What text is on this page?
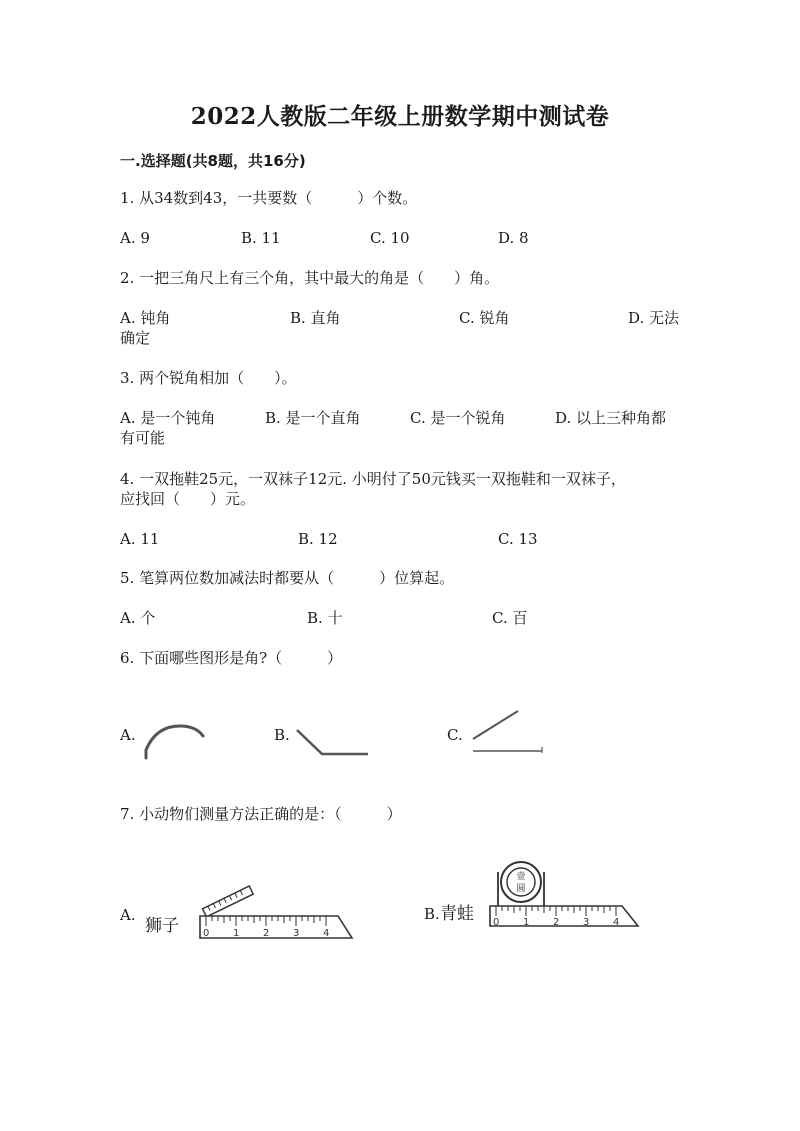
2022人教版二年级上册数学期中测试卷
一.选择题(共8题，共16分)
1. 从34数到43，一共要数（　　　）个数。
A. 9	B. 11	C. 10	D. 8
2. 一把三角尺上有三个角，其中最大的角是（　　）角。
A. 钝角	B. 直角	C. 锐角	D. 无法
确定
3. 两个锐角相加（　　）。
A. 是一个钝角	B. 是一个直角	C. 是一个锐角	D. 以上三种角都
有可能
4. 一双拖鞋25元，一双袜子12元. 小明付了50元钱买一双拖鞋和一双袜子，
应找回（　　）元。
A. 11	B. 12	C. 13
5. 笔算两位数加减法时都要从（　　　）位算起。
A. 个	B. 十	C. 百
6. 下面哪些图形是角?（　　　）
A.	B.	C.
7. 小动物们测量方法正确的是：（　　　）
A.	B.
狮子
青蛙
0 1 2 3 4
壹
圆
0 1 2 3 4
